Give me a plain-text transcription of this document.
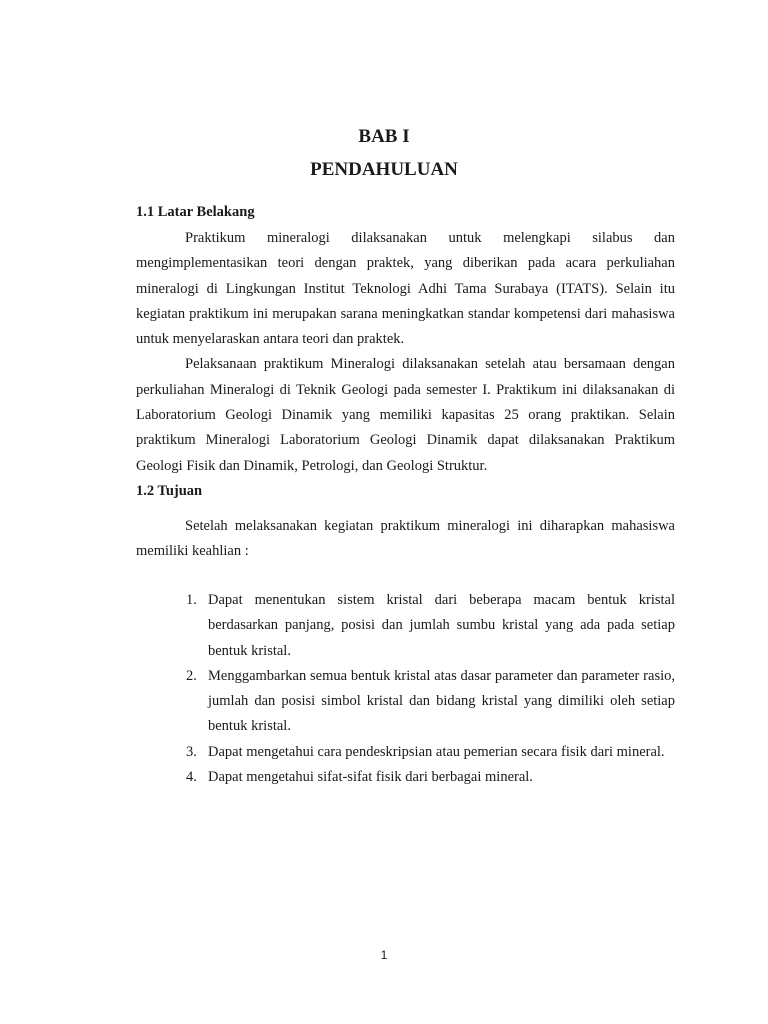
BAB I
PENDAHULUAN
1.1 Latar Belakang

Praktikum mineralogi dilaksanakan untuk melengkapi silabus dan mengimplementasikan teori dengan praktek, yang diberikan pada acara perkuliahan mineralogi di Lingkungan Institut Teknologi Adhi Tama Surabaya (ITATS). Selain itu kegiatan praktikum ini merupakan sarana meningkatkan standar kompetensi dari mahasiswa untuk menyelaraskan antara teori dan praktek.

Pelaksanaan praktikum Mineralogi dilaksanakan setelah atau bersamaan dengan perkuliahan Mineralogi di Teknik Geologi pada semester I. Praktikum ini dilaksanakan di Laboratorium Geologi Dinamik yang memiliki kapasitas 25 orang praktikan. Selain praktikum Mineralogi Laboratorium Geologi Dinamik dapat dilaksanakan Praktikum Geologi Fisik dan Dinamik, Petrologi, dan Geologi Struktur.

1.2 Tujuan

Setelah melaksanakan kegiatan praktikum mineralogi ini diharapkan mahasiswa memiliki keahlian :

1. Dapat menentukan sistem kristal dari beberapa macam bentuk kristal berdasarkan panjang, posisi dan jumlah sumbu kristal yang ada pada setiap bentuk kristal.
2. Menggambarkan semua bentuk kristal atas dasar parameter dan parameter rasio, jumlah dan posisi simbol kristal dan bidang kristal yang dimiliki oleh setiap bentuk kristal.
3. Dapat mengetahui cara pendeskripsian atau pemerian secara fisik dari mineral.
4. Dapat mengetahui sifat-sifat fisik dari berbagai mineral.
1
